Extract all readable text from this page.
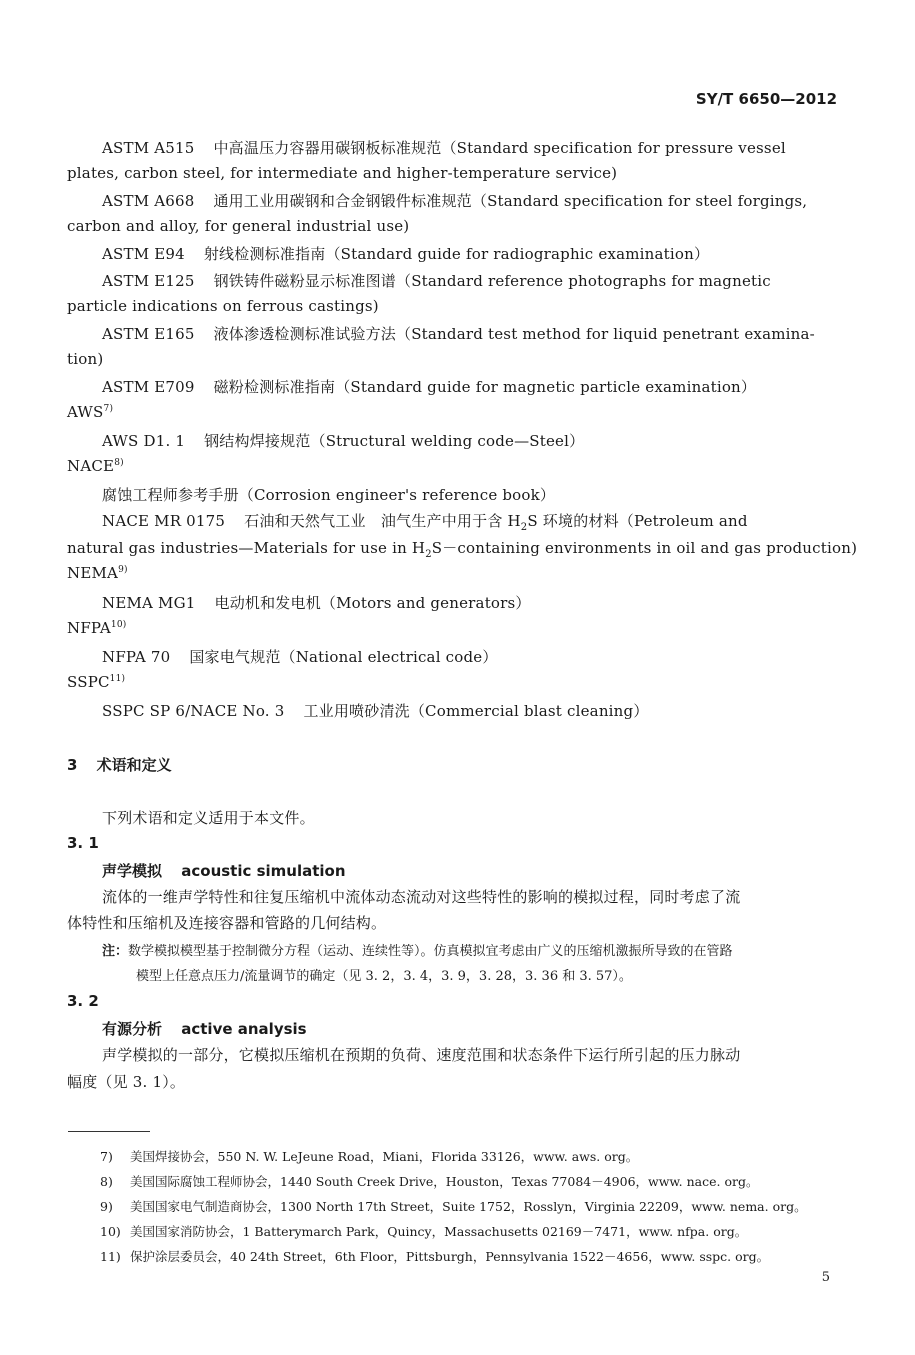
SY/T 6650—2012
ASTM A515 中高温压力容器用碳钢板标准规范（Standard specification for pressure vessel
plates, carbon steel, for intermediate and higher-temperature service)
ASTM A668 通用工业用碳钢和合金钢锻件标准规范（Standard specification for steel forgings,
carbon and alloy, for general industrial use)
ASTM E94 射线检测标准指南（Standard guide for radiographic examination）
ASTM E125 钢铁铸件磁粉显示标准图谱（Standard reference photographs for magnetic
particle indications on ferrous castings)
ASTM E165 液体渗透检测标准试验方法（Standard test method for liquid penetrant examina-
tion)
ASTM E709 磁粉检测标准指南（Standard guide for magnetic particle examination）
AWS$^{7)}$
AWS D1. 1 钢结构焊接规范（Structural welding code—Steel）
NACE$^{8)}$
腐蚀工程师参考手册（Corrosion engineer's reference book）
NACE MR 0175 石油和天然气工业　油气生产中用于含 $H_2S$ 环境的材料（Petroleum and
natural gas industries—Materials for use in $H_2S-containing$ environments in oil and gas production)
NEMA$^{9)}$
NEMA MG1 电动机和发电机（Motors and generators）
NFPA$^{10)}$
NFPA 70 国家电气规范（National electrical code）
SSPC$^{11)}$
SSPC SP 6/NACE No. 3 工业用喷砂清洗（Commercial blast cleaning）
3 术语和定义
下列术语和定义适用于本文件。
3. 1
声学模拟 acoustic simulation
流体的一维声学特性和往复压缩机中流体动态流动对这些特性的影响的模拟过程，同时考虑了流
体特性和压缩机及连接容器和管路的几何结构。
注：数学模拟模型基于控制微分方程（运动、连续性等）。仿真模拟宜考虑由广义的压缩机激振所导致的在管路
模型上任意点压力/流量调节的确定（见 3. 2，3. 4，3. 9，3. 28，3. 36 和 3. 57）。
3. 2
有源分析 active analysis
声学模拟的一部分，它模拟压缩机在预期的负荷、速度范围和状态条件下运行所引起的压力脉动
幅度（见 3. 1）。
7) 美国焊接协会，550 N. W. LeJeune Road，Miani，Florida 33126，www. aws. org。
8) 美国国际腐蚀工程师协会，1440 South Creek Drive，Houston，Texas 77084－4906，www. nace. org。
9) 美国国家电气制造商协会，1300 North 17th Street，Suite 1752，Rosslyn，Virginia 22209，www. nema. org。
10) 美国国家消防协会，1 Batterymarch Park，Quincy，Massachusetts 02169－7471，www. nfpa. org。
11) 保护涂层委员会，40 24th Street，6th Floor，Pittsburgh，Pennsylvania 1522－4656，www. sspc. org。
5
